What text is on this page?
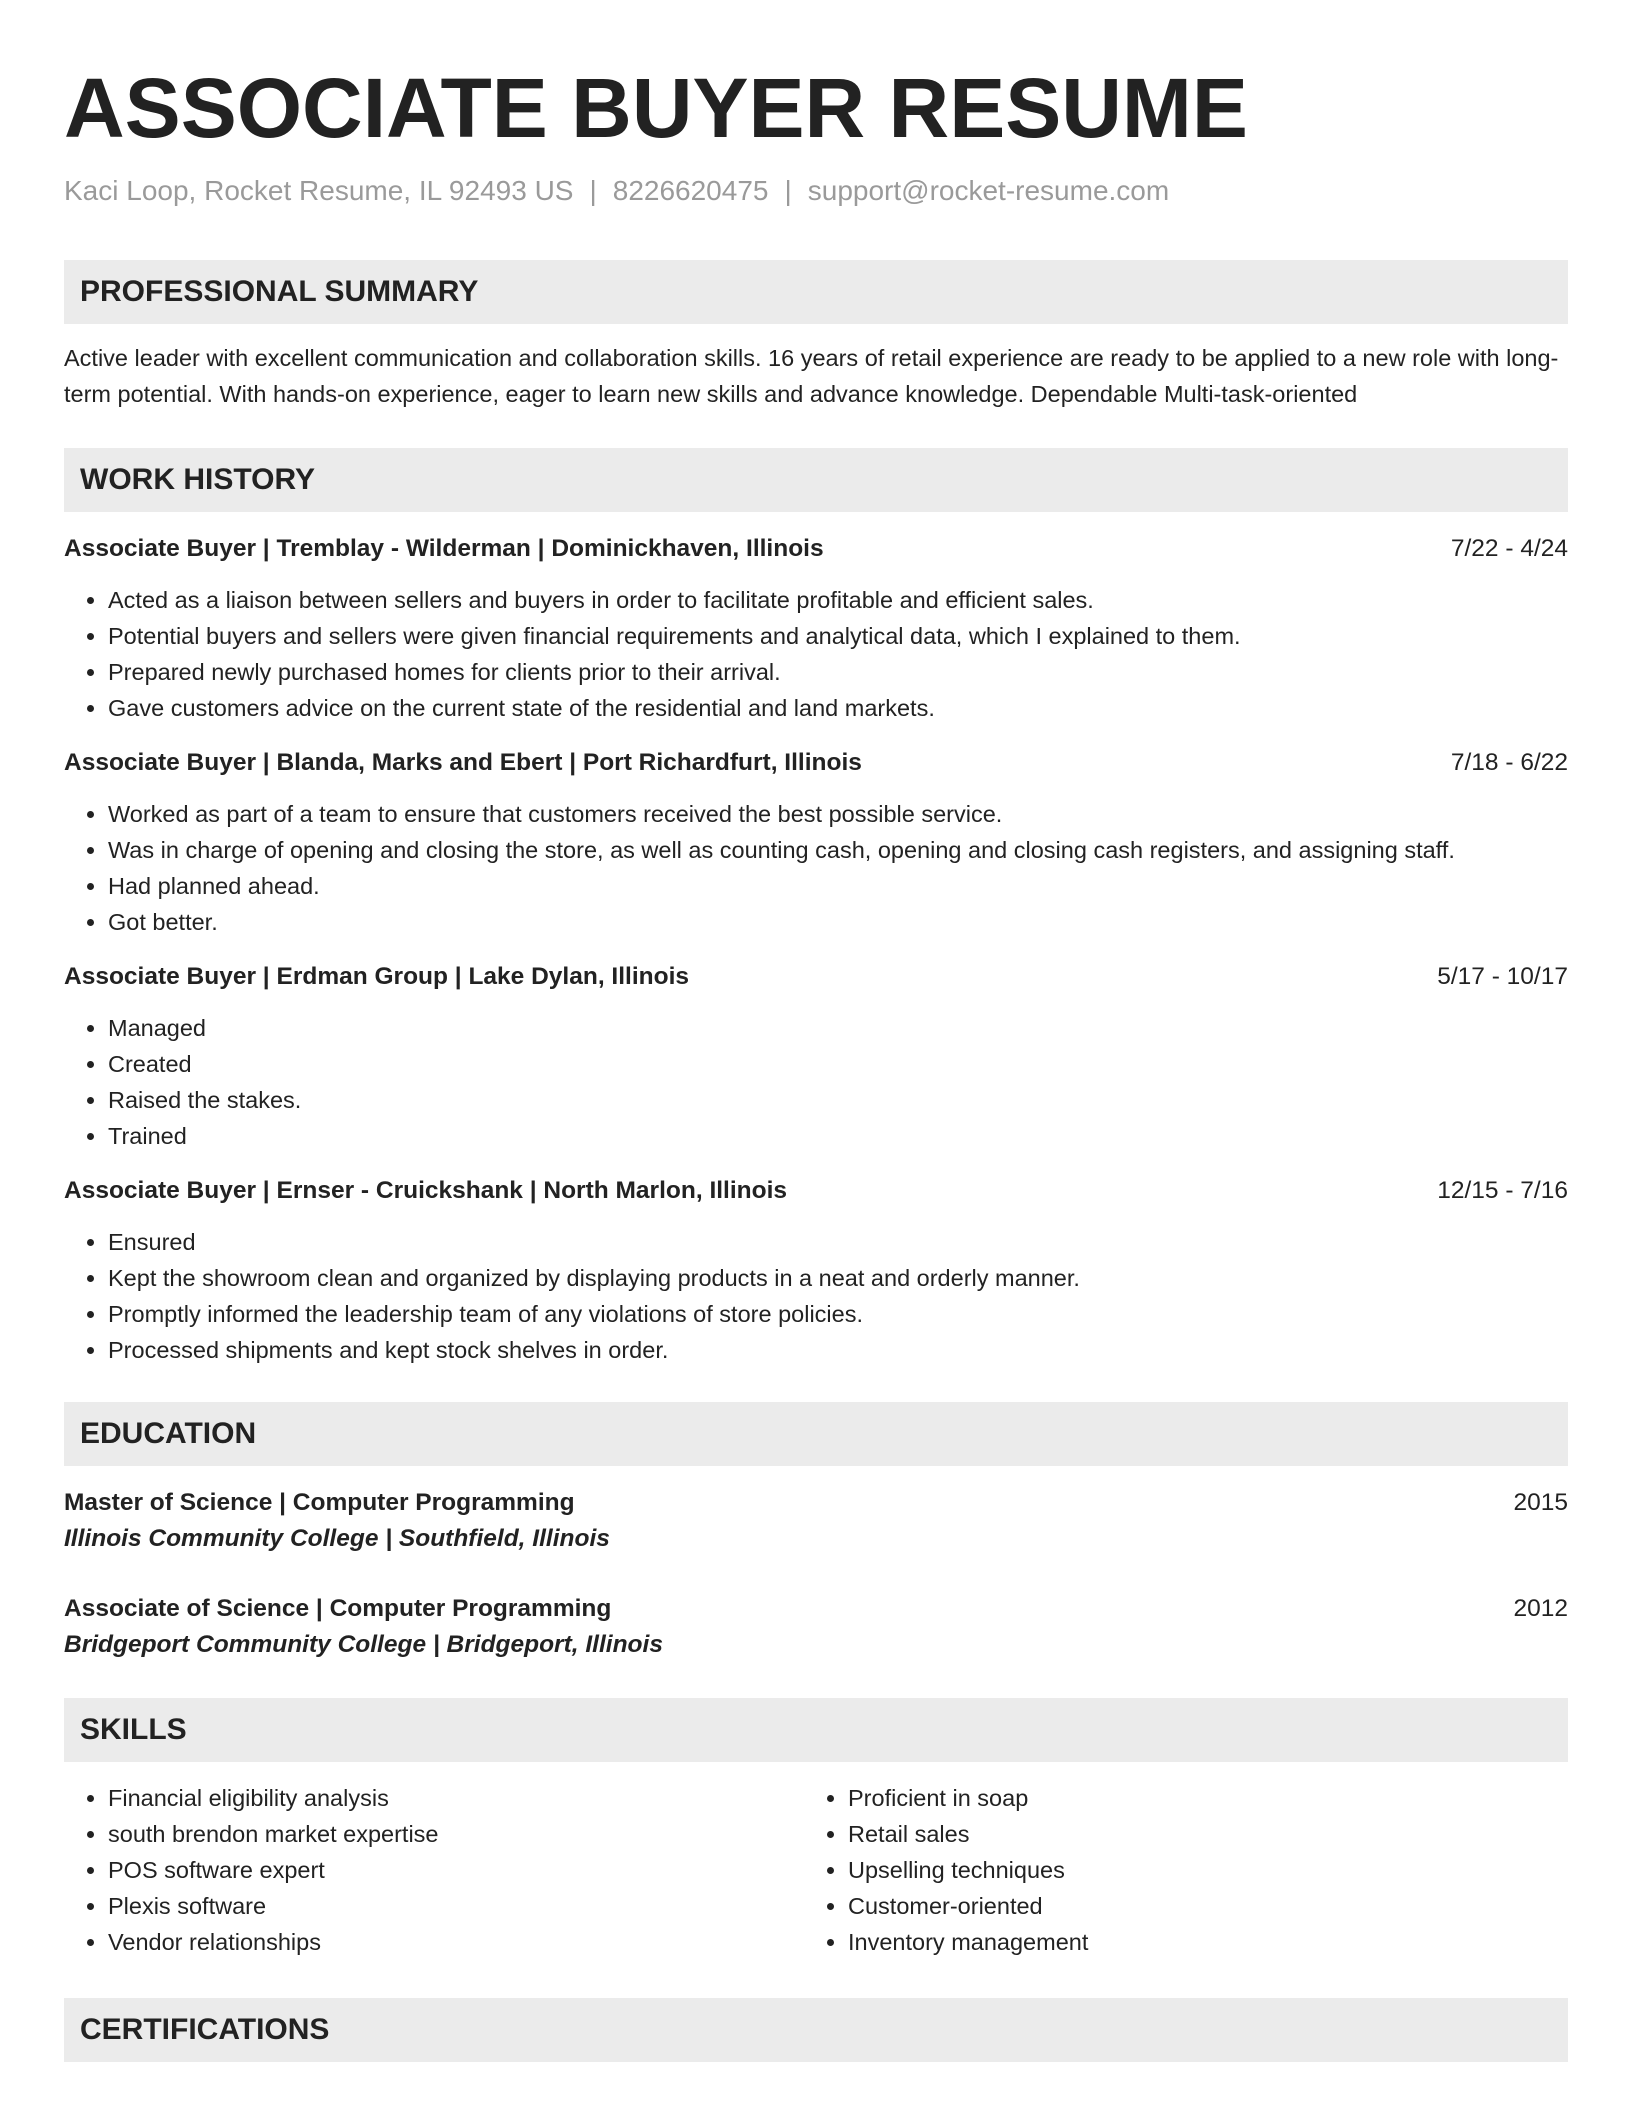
ASSOCIATE BUYER RESUME
Kaci Loop, Rocket Resume, IL 92493 US | 8226620475 | support@rocket-resume.com
PROFESSIONAL SUMMARY
Active leader with excellent communication and collaboration skills. 16 years of retail experience are ready to be applied to a new role with long-term potential. With hands-on experience, eager to learn new skills and advance knowledge. Dependable Multi-task-oriented
WORK HISTORY
Associate Buyer | Tremblay - Wilderman | Dominickhaven, Illinois	7/22 - 4/24
• Acted as a liaison between sellers and buyers in order to facilitate profitable and efficient sales.
• Potential buyers and sellers were given financial requirements and analytical data, which I explained to them.
• Prepared newly purchased homes for clients prior to their arrival.
• Gave customers advice on the current state of the residential and land markets.
Associate Buyer | Blanda, Marks and Ebert | Port Richardfurt, Illinois	7/18 - 6/22
• Worked as part of a team to ensure that customers received the best possible service.
• Was in charge of opening and closing the store, as well as counting cash, opening and closing cash registers, and assigning staff.
• Had planned ahead.
• Got better.
Associate Buyer | Erdman Group | Lake Dylan, Illinois	5/17 - 10/17
• Managed
• Created
• Raised the stakes.
• Trained
Associate Buyer | Ernser - Cruickshank | North Marlon, Illinois	12/15 - 7/16
• Ensured
• Kept the showroom clean and organized by displaying products in a neat and orderly manner.
• Promptly informed the leadership team of any violations of store policies.
• Processed shipments and kept stock shelves in order.
EDUCATION
Master of Science | Computer Programming	2015
Illinois Community College | Southfield, Illinois
Associate of Science | Computer Programming	2012
Bridgeport Community College | Bridgeport, Illinois
SKILLS
• Financial eligibility analysis
• south brendon market expertise
• POS software expert
• Plexis software
• Vendor relationships
• Proficient in soap
• Retail sales
• Upselling techniques
• Customer-oriented
• Inventory management
CERTIFICATIONS
